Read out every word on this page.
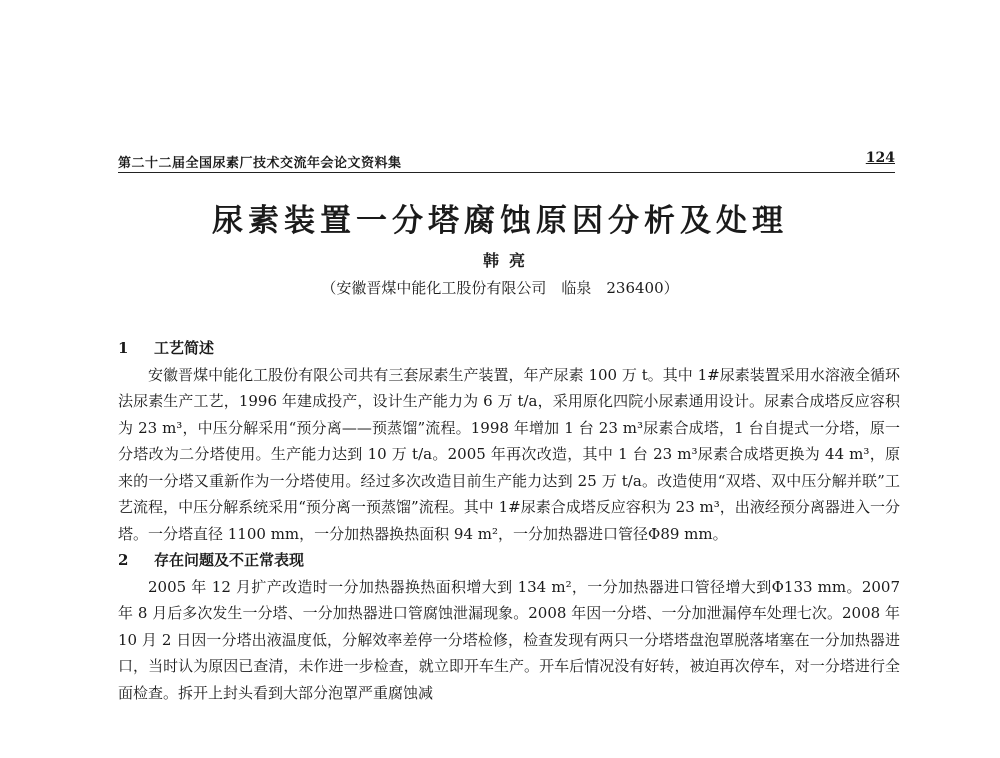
第二十二届全国尿素厂技术交流年会论文资料集	124
尿素装置一分塔腐蚀原因分析及处理
韩亮
（安徽晋煤中能化工股份有限公司　临泉　236400）

1 工艺简述

安徽晋煤中能化工股份有限公司共有三套尿素生产装置，年产尿素 100 万 t。其中 1#尿素装置采用水溶液全循环法尿素生产工艺，1996 年建成投产，设计生产能力为 6 万 t/a，采用原化四院小尿素通用设计。尿素合成塔反应容积为 23 m³，中压分解采用“预分离——预蒸馏”流程。1998 年增加 1 台 23 m³尿素合成塔，1 台自提式一分塔，原一分塔改为二分塔使用。生产能力达到 10 万 t/a。2005 年再次改造，其中 1 台 23 m³尿素合成塔更换为 44 m³，原来的一分塔又重新作为一分塔使用。经过多次改造目前生产能力达到 25 万 t/a。改造使用“双塔、双中压分解并联”工艺流程，中压分解系统采用“预分离一预蒸馏”流程。其中 1#尿素合成塔反应容积为 23 m³，出液经预分离器进入一分塔。一分塔直径 1100 mm，一分加热器换热面积 94 m²，一分加热器进口管径Φ89 mm。

2 存在问题及不正常表现

2005 年 12 月扩产改造时一分加热器换热面积增大到 134 m²，一分加热器进口管径增大到Φ133 mm。2007 年 8 月后多次发生一分塔、一分加热器进口管腐蚀泄漏现象。2008 年因一分塔、一分加泄漏停车处理七次。2008 年 10 月 2 日因一分塔出液温度低，分解效率差停一分塔检修，检查发现有两只一分塔塔盘泡罩脱落堵塞在一分加热器进口，当时认为原因已查清，未作进一步检查，就立即开车生产。开车后情况没有好转，被迫再次停车，对一分塔进行全面检查。拆开上封头看到大部分泡罩严重腐蚀减
